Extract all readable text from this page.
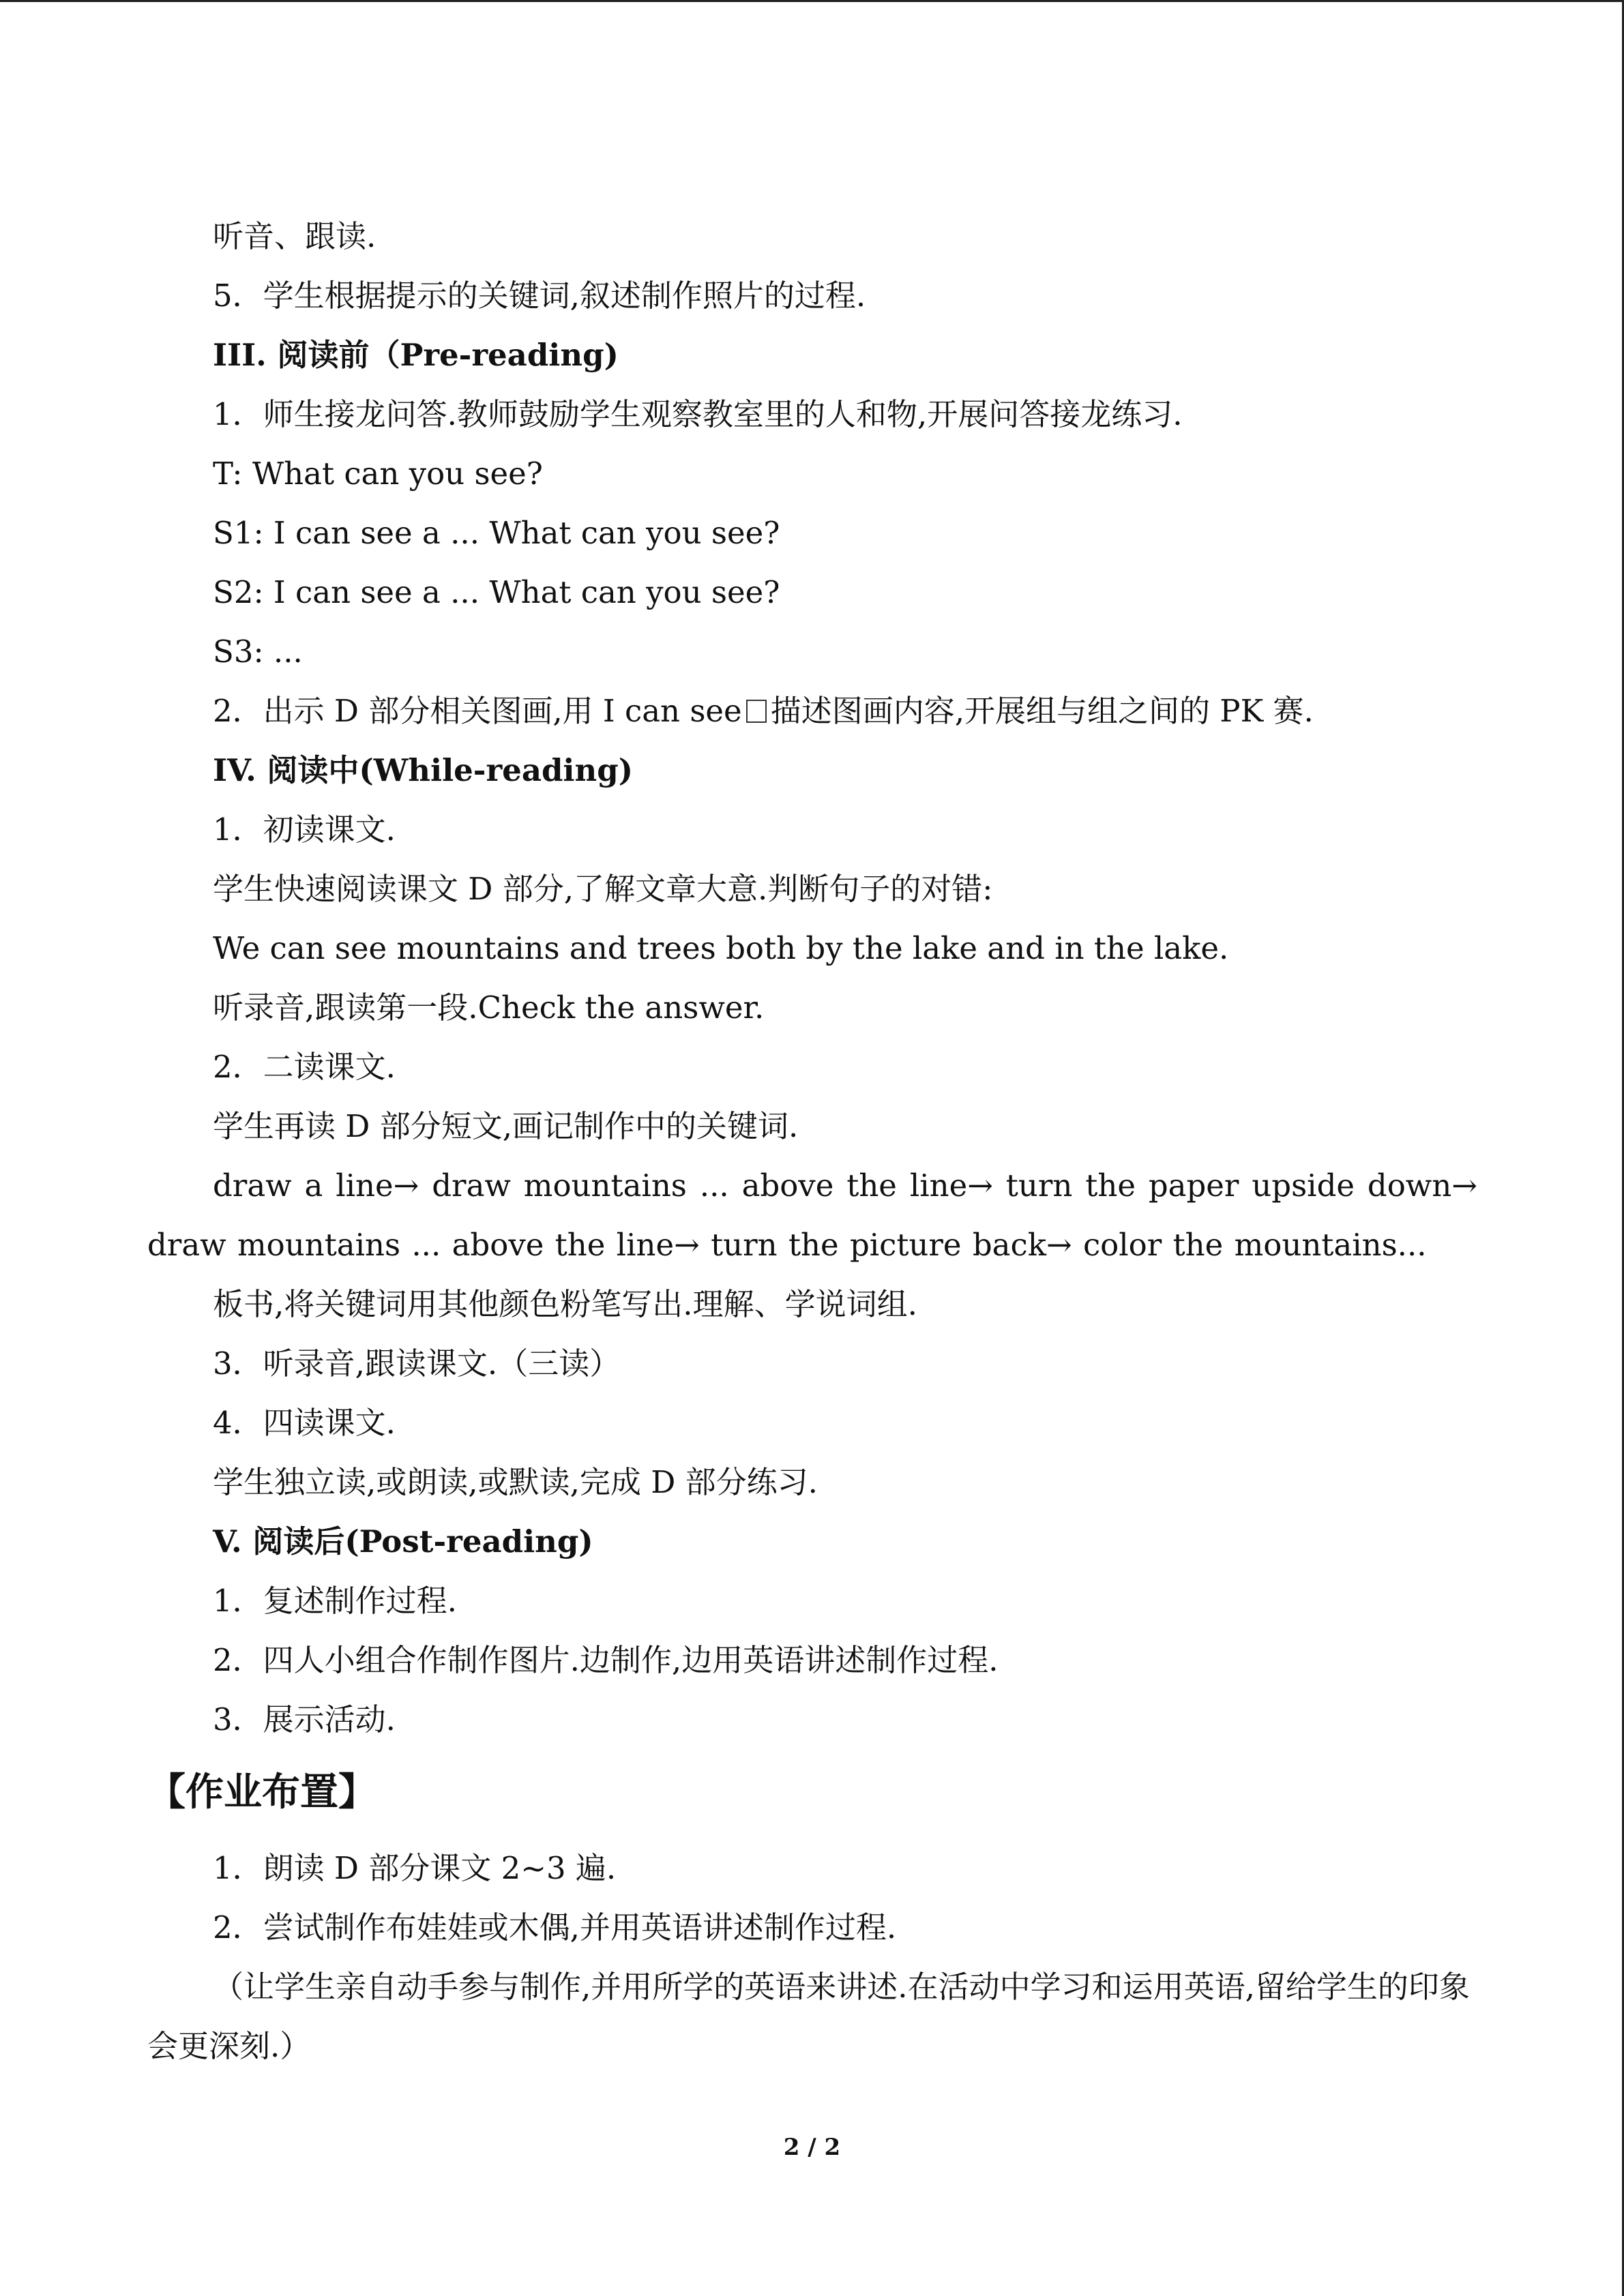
听音、跟读.
5．学生根据提示的关键词,叙述制作照片的过程.
III. 阅读前（Pre-reading)
1．师生接龙问答.教师鼓励学生观察教室里的人和物,开展问答接龙练习.
T: What can you see?
S1: I can see a ... What can you see?
S2: I can see a ... What can you see?
S3: ...
2．出示 D 部分相关图画,用 I can see 描述图画内容,开展组与组之间的 PK 赛.
IV. 阅读中(While-reading)
1．初读课文.
学生快速阅读课文 D 部分,了解文章大意.判断句子的对错:
We can see mountains and trees both by the lake and in the lake.
听录音,跟读第一段.Check the answer.
2．二读课文.
学生再读 D 部分短文,画记制作中的关键词.
draw a line→ draw mountains ... above the line→ turn the paper upside down→ draw mountains ... above the line→ turn the picture back→ color the mountains...
板书,将关键词用其他颜色粉笔写出.理解、学说词组.
3．听录音,跟读课文.（三读）
4．四读课文.
学生独立读,或朗读,或默读,完成 D 部分练习.
V. 阅读后(Post-reading)
1．复述制作过程.
2．四人小组合作制作图片.边制作,边用英语讲述制作过程.
3．展示活动.
【作业布置】
1．朗读 D 部分课文 2~3 遍.
2．尝试制作布娃娃或木偶,并用英语讲述制作过程.
（让学生亲自动手参与制作,并用所学的英语来讲述.在活动中学习和运用英语,留给学生的印象会更深刻.）
2 / 2
